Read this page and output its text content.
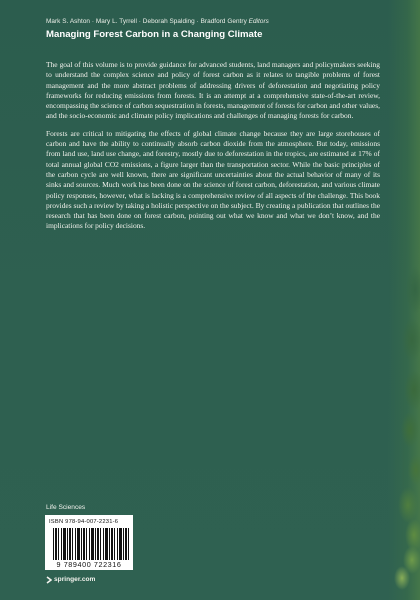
Mark S. Ashton · Mary L. Tyrrell · Deborah Spalding · Bradford Gentry Editors
Managing Forest Carbon in a Changing Climate

The goal of this volume is to provide guidance for advanced students, land managers and policymakers seeking to understand the complex science and policy of forest carbon as it relates to tangible problems of forest management and the more abstract problems of addressing drivers of deforestation and negotiating policy frameworks for reducing emissions from forests. It is an attempt at a comprehensive state-of-the-art review, encompassing the science of carbon sequestration in forests, management of forests for carbon and other values, and the socio-economic and climate policy implications and challenges of managing forests for carbon.

Forests are critical to mitigating the effects of global climate change because they are large storehouses of carbon and have the ability to continually absorb carbon dioxide from the atmosphere. But today, emissions from land use, land use change, and forestry, mostly due to deforestation in the tropics, are estimated at 17% of total annual global CO2 emissions, a figure larger than the transportation sector. While the basic principles of the carbon cycle are well known, there are significant uncertainties about the actual behavior of many of its sinks and sources. Much work has been done on the science of forest carbon, deforestation, and various climate policy responses, however, what is lacking is a comprehensive review of all aspects of the challenge. This book provides such a review by taking a holistic perspective on the subject. By creating a publication that outlines the research that has been done on forest carbon, pointing out what we know and what we don’t know, and the implications for policy decisions.

Life Sciences
ISBN 978-94-007-2231-6
9 789400 722316
springer.com
